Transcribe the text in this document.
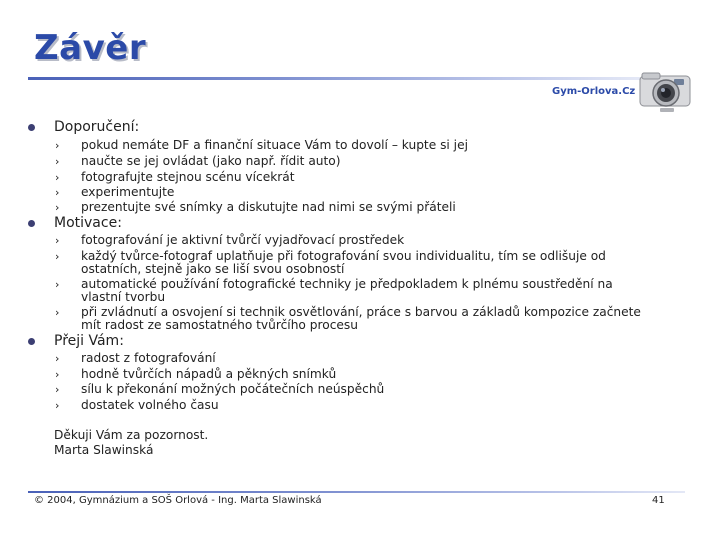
Závěr
Gym-Orlova.Cz
Doporučení:
› pokud nemáte DF a finanční situace Vám to dovolí – kupte si jej
› naučte se jej ovládat (jako např. řídit auto)
› fotografujte stejnou scénu vícekrát
› experimentujte
› prezentujte své snímky a diskutujte nad nimi se svými přáteli
Motivace:
› fotografování je aktivní tvůrčí vyjadřovací prostředek
› každý tvůrce-fotograf uplatňuje při fotografování svou individualitu, tím se odlišuje od ostatních, stejně jako se liší svou osobností
› automatické používání fotografické techniky je předpokladem k plnému soustředění na vlastní tvorbu
› při zvládnutí a osvojení si technik osvětlování, práce s barvou a základů kompozice začnete mít radost ze samostatného tvůrčího procesu
Přeji Vám:
› radost z fotografování
› hodně tvůrčích nápadů a pěkných snímků
› sílu k překonání možných počátečních neúspěchů
› dostatek volného času
Děkuji Vám za pozornost.
Marta Slawinská
© 2004, Gymnázium a SOŠ Orlová - Ing. Marta Slawinská	41
